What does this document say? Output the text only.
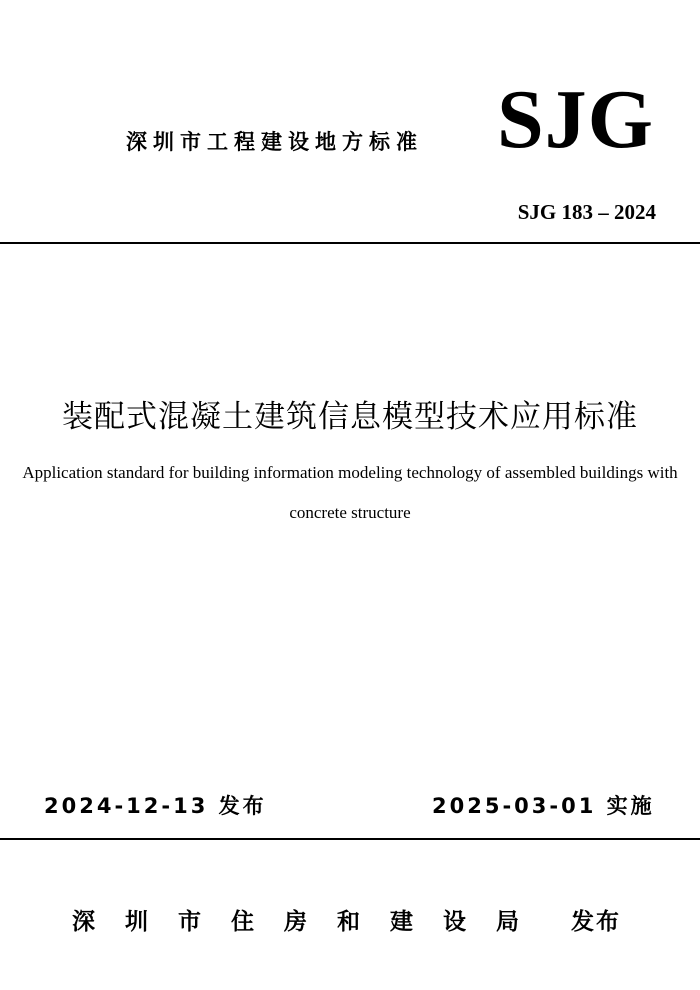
深圳市工程建设地方标准 SJG
SJG 183 – 2024
装配式混凝土建筑信息模型技术应用标准
Application standard for building information modeling technology of assembled buildings with concrete structure
2024-12-13 发布	2025-03-01 实施
深圳市住房和建设局 发布
